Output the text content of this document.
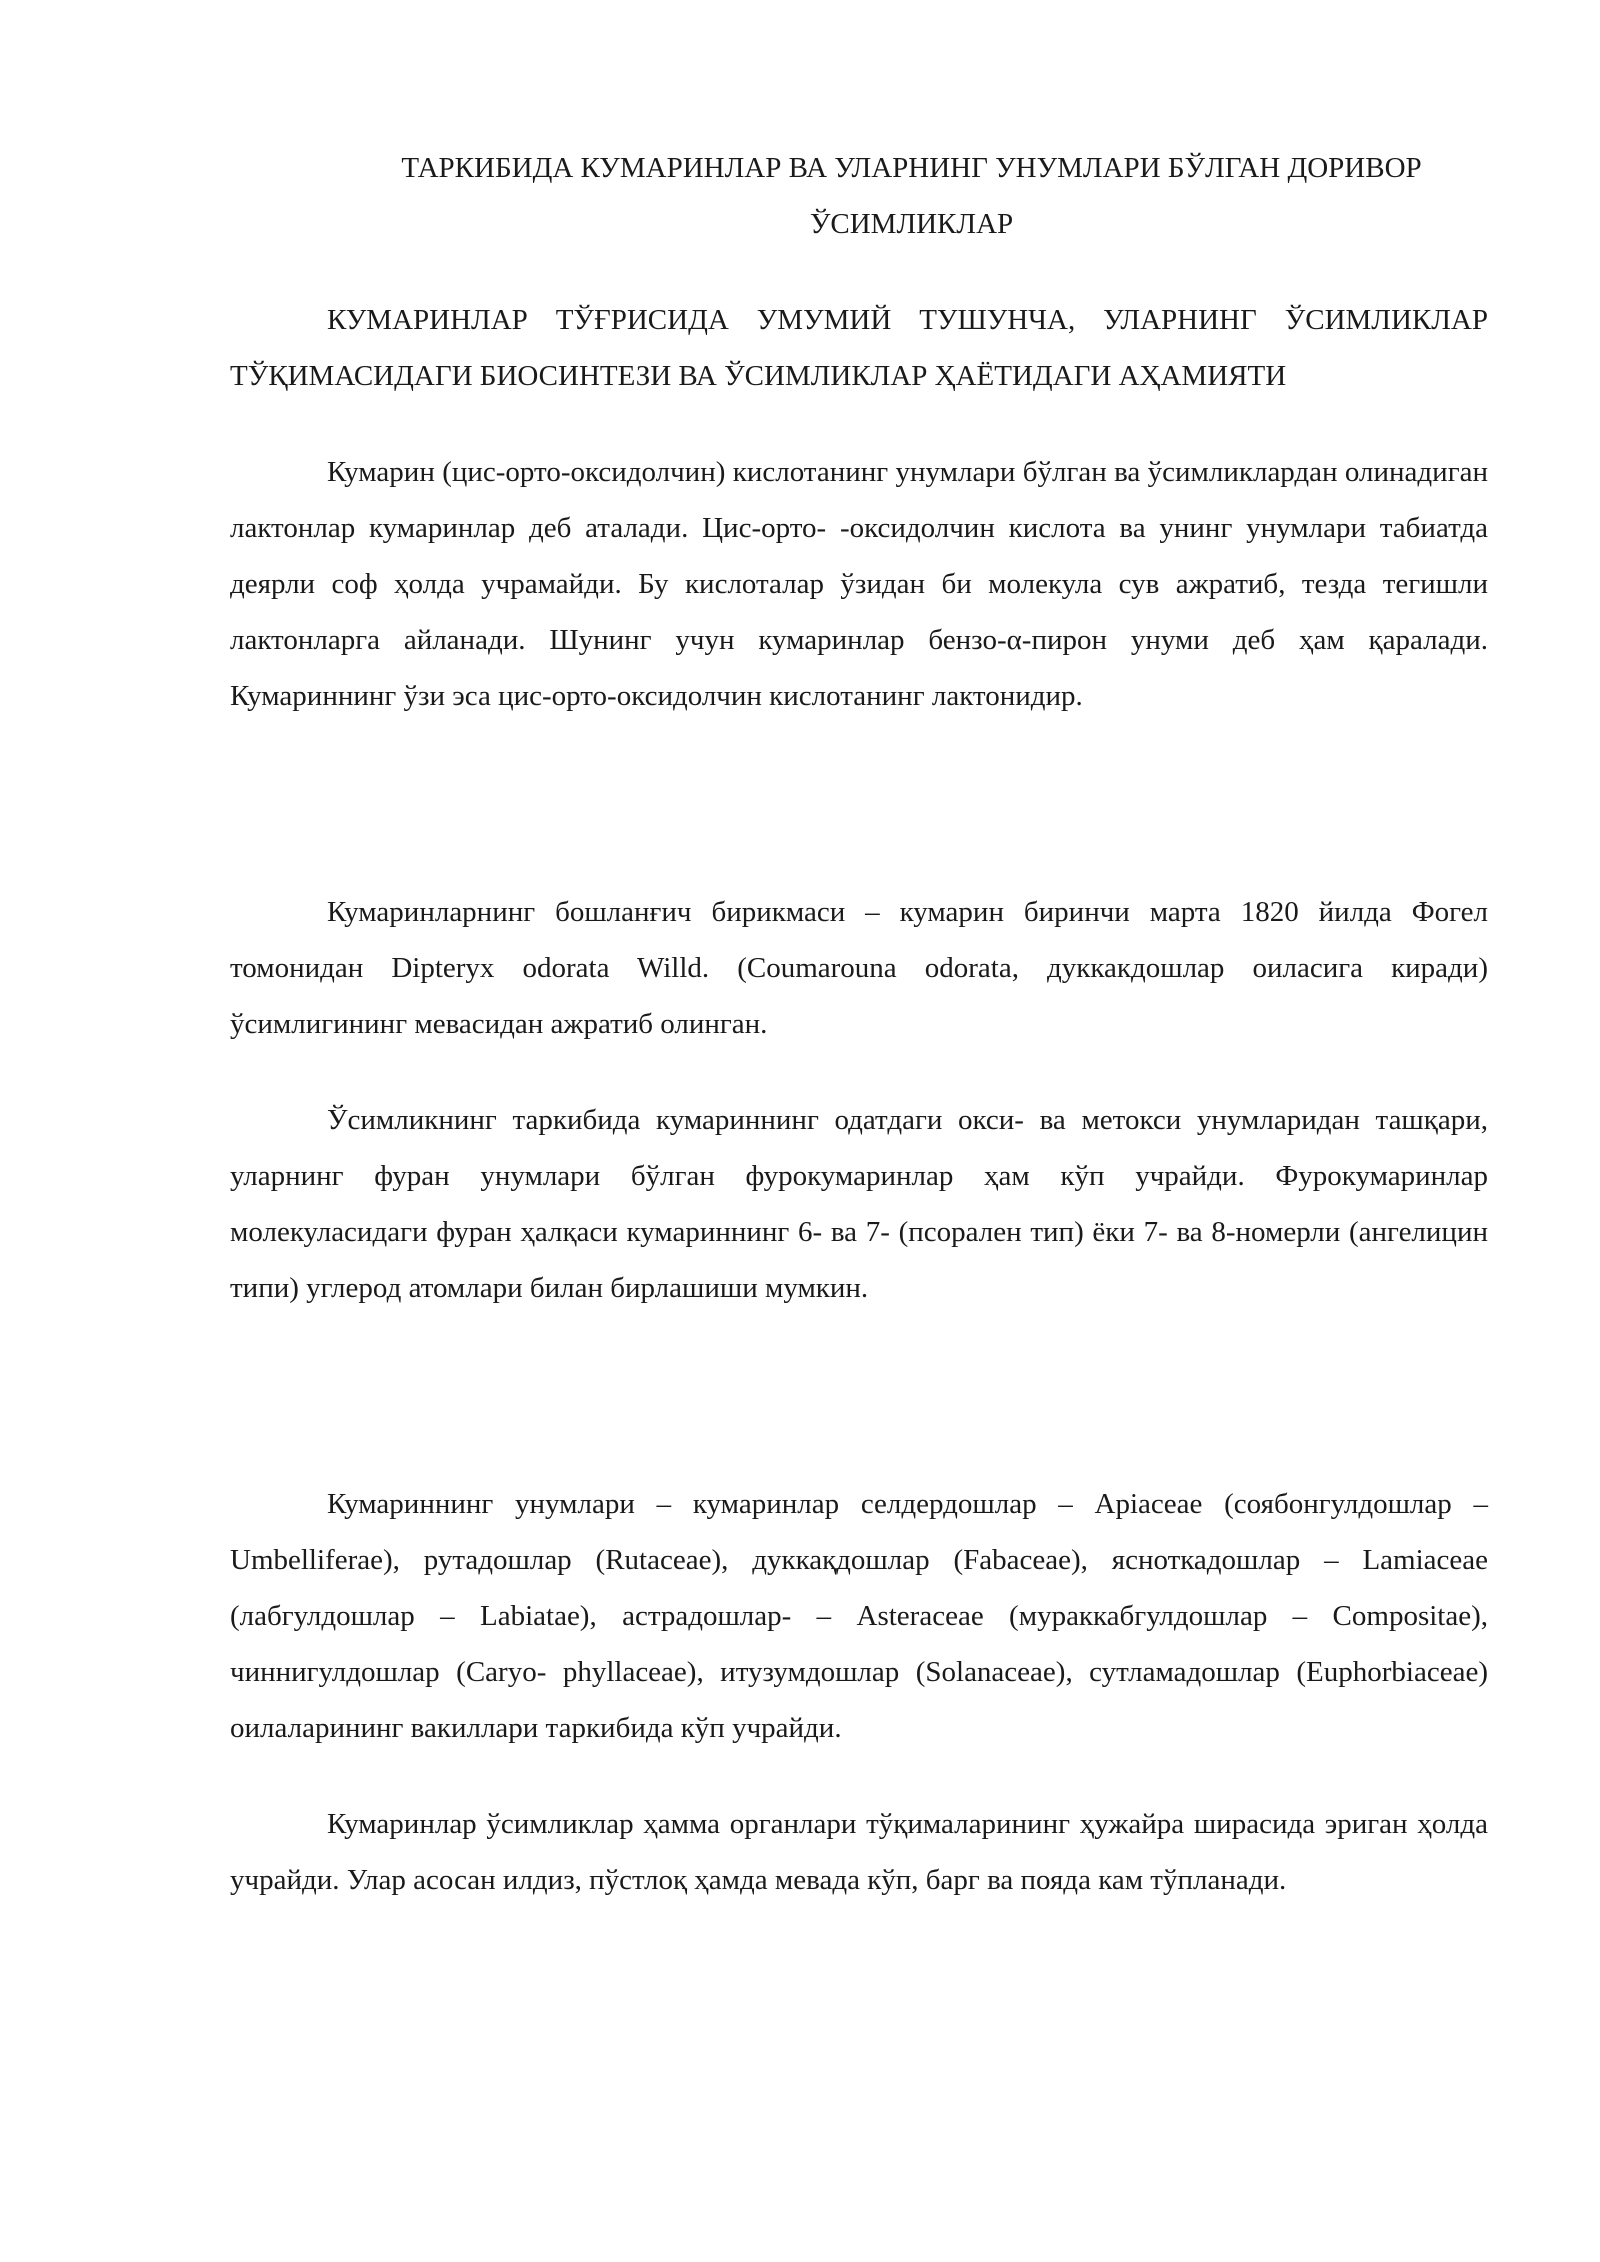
ТАРКИБИДА КУМАРИНЛАР ВА УЛАРНИНГ УНУМЛАРИ БЎЛГАН ДОРИВОР ЎСИМЛИКЛАР
КУМАРИНЛАР ТЎҒРИСИДА УМУМИЙ ТУШУНЧА, УЛАРНИНГ ЎСИМЛИКЛАР ТЎҚИМАСИДАГИ БИОСИНТЕЗИ ВА ЎСИМЛИКЛАР ҲАЁТИДАГИ АҲАМИЯТИ

Кумарин (цис-орто-оксидолчин) кислотанинг унумлари бўлган ва ўсимликлардан олинадиган лактонлар кумаринлар деб аталади. Цис-орто- -оксидолчин кислота ва унинг унумлари табиатда деярли соф ҳолда учрамайди. Бу кислоталар ўзидан би молекула сув ажратиб, тезда тегишли лактонларга айланади. Шунинг учун кумаринлар бензо-α-пирон унуми деб ҳам қаралади. Кумариннинг ўзи эса цис-орто-оксидолчин кислотанинг лактонидир.

Кумаринларнинг бошланғич бирикмаси – кумарин биринчи марта 1820 йилда Фогел томонидан Dipteryx odorata Willd. (Coumarouna odorata, дуккакдошлар оиласига киради) ўсимлигининг мевасидан ажратиб олинган.

Ўсимликнинг таркибида кумариннинг одатдаги окси- ва метокси унумларидан ташқари, уларнинг фуран унумлари бўлган фурокумаринлар ҳам кўп учрайди. Фурокумаринлар молекуласидаги фуран ҳалқаси кумариннинг 6- ва 7- (псорален тип) ёки 7- ва 8-номерли (ангелицин типи) углерод атомлари билан бирлашиши мумкин.

Кумариннинг унумлари – кумаринлар селдердошлар – Apiaceae (соябонгулдошлар – Umbelliferae), рутадошлар (Rutaceae), дуккақдошлар (Fabaceae), ясноткадошлар – Lamiaceae (лабгулдошлар – Labiatae), астрадошлар- – Asteraceae (мураккабгулдошлар – Compositae), чиннигулдошлар (Caryo- phyllaceae), итузумдошлар (Solanaceae), сутламадошлар (Euphorbiaceae) оилаларининг вакиллари таркибида кўп учрайди.

Кумаринлар ўсимликлар ҳамма органлари тўқималарининг ҳужайра ширасида эриган ҳолда учрайди. Улар асосан илдиз, пўстлоқ ҳамда мевада кўп, барг ва пояда кам тўпланади.
